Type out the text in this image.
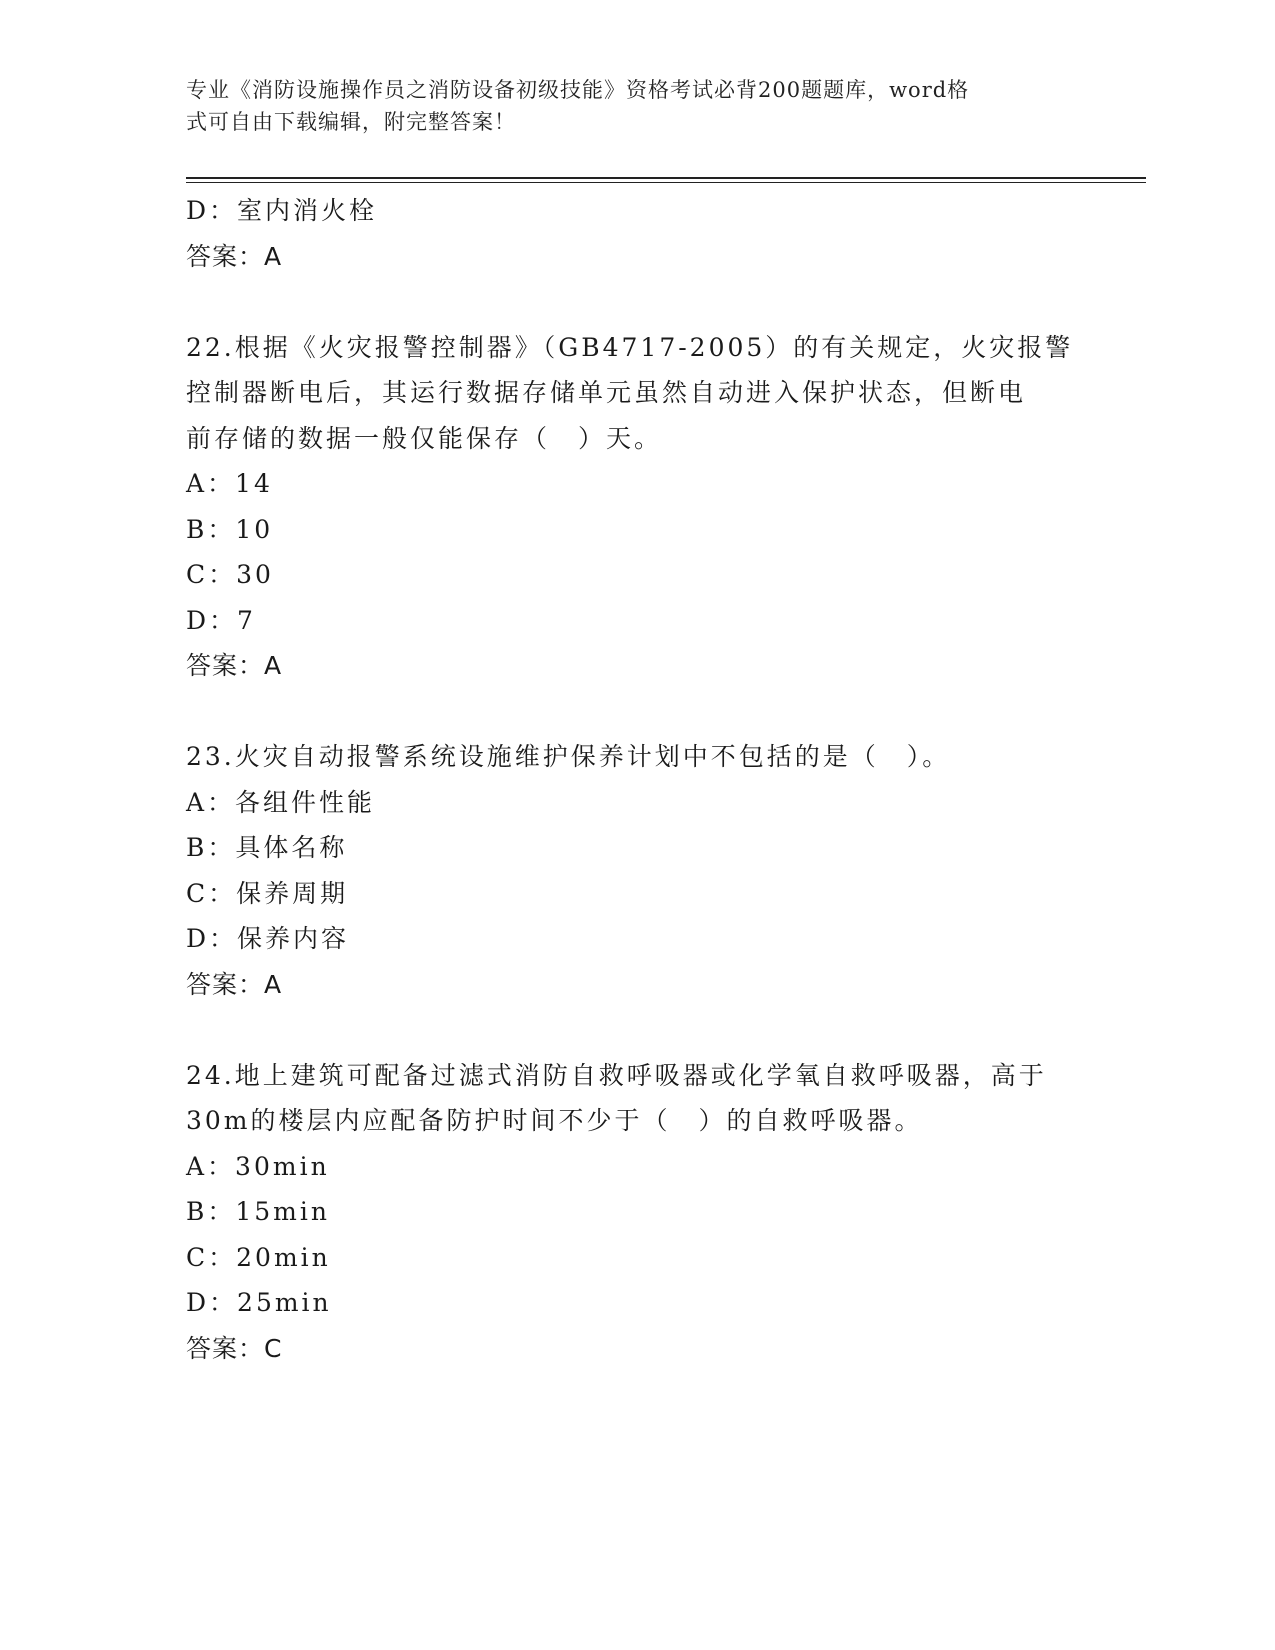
专业《消防设施操作员之消防设备初级技能》资格考试必背200题题库，word格
式可自由下载编辑，附完整答案！
D：室内消火栓
答案：A
22.根据《火灾报警控制器》（GB4717-2005）的有关规定，火灾报警
控制器断电后，其运行数据存储单元虽然自动进入保护状态，但断电
前存储的数据一般仅能保存（　）天。
A：14
B：10
C：30
D：7
答案：A
23.火灾自动报警系统设施维护保养计划中不包括的是（　）。
A：各组件性能
B：具体名称
C：保养周期
D：保养内容
答案：A
24.地上建筑可配备过滤式消防自救呼吸器或化学氧自救呼吸器，高于
30m的楼层内应配备防护时间不少于（　）的自救呼吸器。
A：30min
B：15min
C：20min
D：25min
答案：C
